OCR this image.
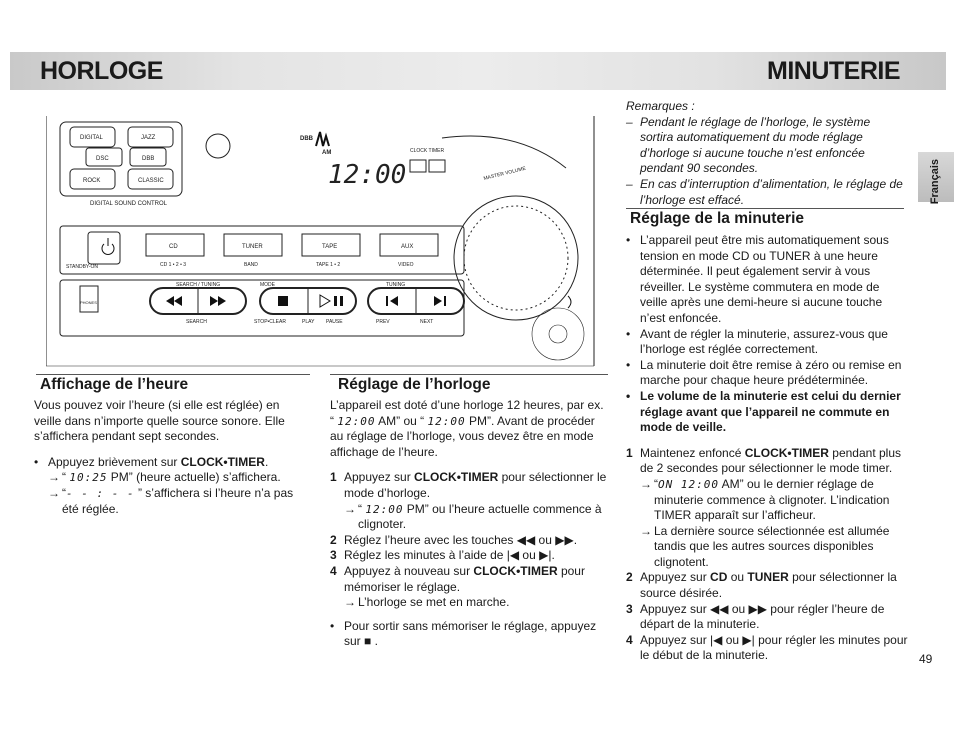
HORLOGE	MINUTERIE
Français
DIGITAL	JAZZ
DSC	DBB
ROCK	CLASSIC
DIGITAL SOUND CONTROL
DBB
AM	CLOCK TIMER
MASTER VOLUME
CD	TUNER	TAPE	AUX
CD 1 • 2 • 3	BAND	TAPE 1 • 2	VIDEO
STANDBY-ON
SEARCH / TUNING	MODE	TUNING
PHONES
SEARCH	STOP•CLEAR	PLAY PAUSE	PREV	NEXT
12:00
Affichage de l’heure

Vous pouvez voir l’heure (si elle est réglée) en veille dans n’importe quelle source sonore. Elle s’affichera pendant sept secondes.

• Appuyez brièvement sur CLOCK•TIMER.

→ “ 10:25 PM” (heure actuelle) s’affichera.

→ “- - : - - ” s’affichera si l’heure n’a pas été réglée.

Réglage de l’horloge

L’appareil est doté d’une horloge 12 heures, par ex.

“ 12:00 AM” ou “ 12:00 PM”. Avant de procéder au réglage de l’horloge, vous devez être en mode affichage de l’heure.

1 Appuyez sur CLOCK•TIMER pour sélectionner le mode d’horloge.

→ “ 12:00 PM” ou l’heure actuelle commence à clignoter.

2 Réglez l’heure avec les touches ◀◀ ou ▶▶.

3 Réglez les minutes à l’aide de |◀ ou ▶|.

4 Appuyez à nouveau sur CLOCK•TIMER pour mémoriser le réglage.

→ L’horloge se met en marche.

• Pour sortir sans mémoriser le réglage, appuyez sur ■ .

Remarques :

– Pendant le réglage de l’horloge, le système sortira automatiquement du mode réglage d’horloge si aucune touche n’est enfoncée pendant 90 secondes.

– En cas d’interruption d’alimentation, le réglage de l’horloge est effacé.

Réglage de la minuterie

• L’appareil peut être mis automatiquement sous tension en mode CD ou TUNER à une heure déterminée. Il peut également servir à vous réveiller. Le système commutera en mode de veille après une demi-heure si aucune touche n’est enfoncée.

• Avant de régler la minuterie, assurez-vous que l’horloge est réglée correctement.

• La minuterie doit être remise à zéro ou remise en marche pour chaque heure prédéterminée.

• Le volume de la minuterie est celui du dernier réglage avant que l’appareil ne commute en mode de veille.

1 Maintenez enfoncé CLOCK•TIMER pendant plus de 2 secondes pour sélectionner le mode timer.

→ “ON 12:00 AM” ou le dernier réglage de minuterie commence à clignoter. L’indication TIMER apparaît sur l’afficheur.

→ La dernière source sélectionnée est allumée tandis que les autres sources disponibles clignotent.

2 Appuyez sur CD ou TUNER pour sélectionner la source désirée.

3 Appuyez sur ◀◀ ou ▶▶ pour régler l’heure de départ de la minuterie.

4 Appuyez sur |◀ ou ▶| pour régler les minutes pour le début de la minuterie.	49
